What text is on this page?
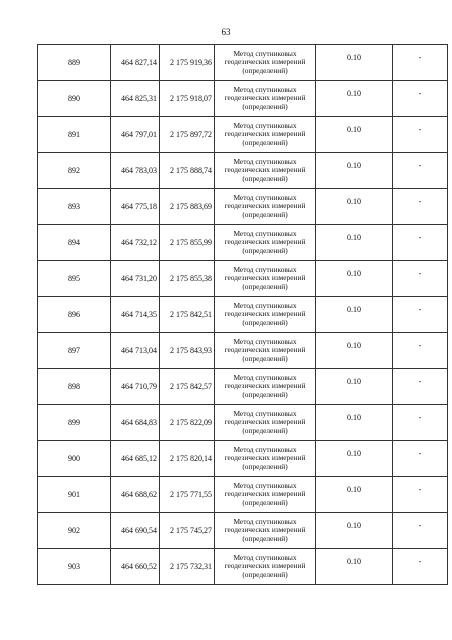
63
889	464 827,14	2 175 919,36	Метод спутниковых геодезических измерений (определений)	0.10	-

890	464 825,31	2 175 918,07	Метод спутниковых геодезических измерений (определений)	0.10	-

891	464 797,01	2 175 897,72	Метод спутниковых геодезических измерений (определений)	0.10	-

892	464 783,03	2 175 888,74	Метод спутниковых геодезических измерений (определений)	0.10	-

893	464 775,18	2 175 883,69	Метод спутниковых геодезических измерений (определений)	0.10	-

894	464 732,12	2 175 855,99	Метод спутниковых геодезических измерений (определений)	0.10	-

895	464 731,20	2 175 855,38	Метод спутниковых геодезических измерений (определений)	0.10	-

896	464 714,35	2 175 842,51	Метод спутниковых геодезических измерений (определений)	0.10	-

897	464 713,04	2 175 843,93	Метод спутниковых геодезических измерений (определений)	0.10	-

898	464 710,79	2 175 842,57	Метод спутниковых геодезических измерений (определений)	0.10	-

899	464 684,83	2 175 822,09	Метод спутниковых геодезических измерений (определений)	0.10	-

900	464 685,12	2 175 820,14	Метод спутниковых геодезических измерений (определений)	0.10	-

901	464 688,62	2 175 771,55	Метод спутниковых геодезических измерений (определений)	0.10	-

902	464 690,54	2 175 745,27	Метод спутниковых геодезических измерений (определений)	0.10	-

903	464 660,52	2 175 732,31	Метод спутниковых геодезических измерений (определений)	0.10	-
